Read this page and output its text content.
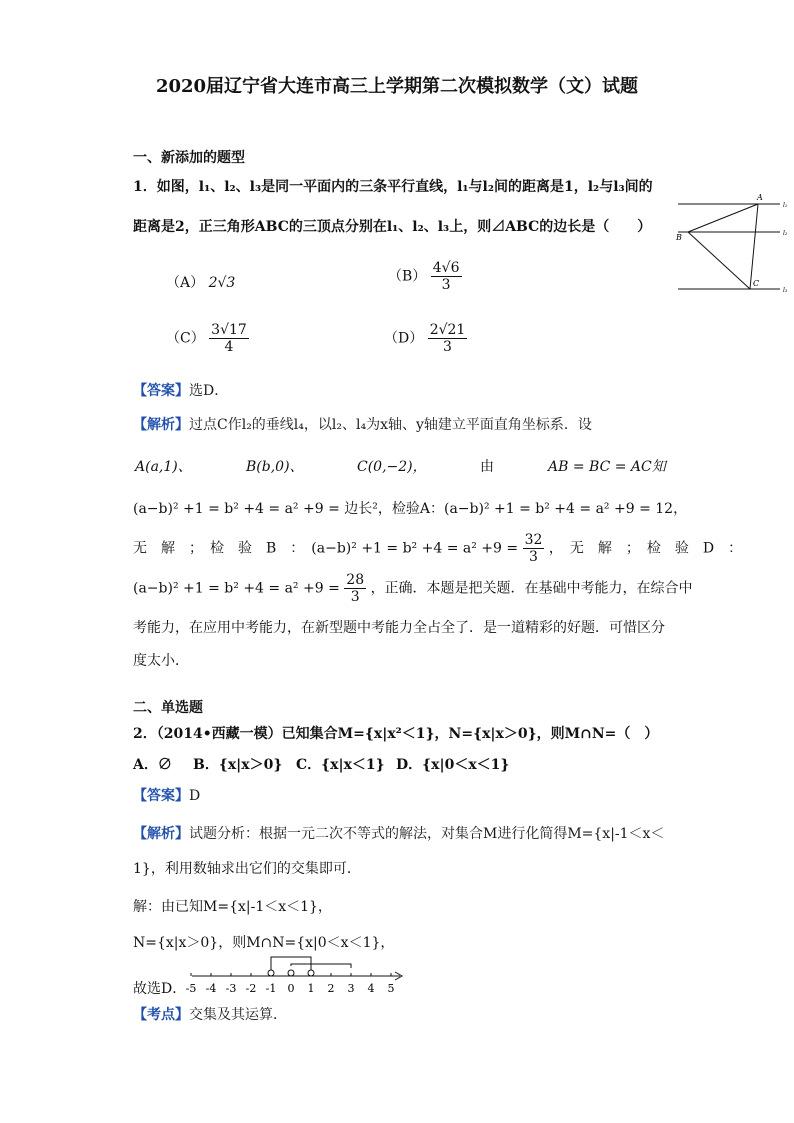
2020届辽宁省大连市高三上学期第二次模拟数学（文）试题
一、新添加的题型
1．如图，l₁、l₂、l₃是同一平面内的三条平行直线，l₁与l₂间的距离是1，l₂与l₃间的
距离是2，正三角形ABC的三顶点分别在l₁、l₂、l₃上，则⊿ABC的边长是（　　）
A
B
C
l₁
l₂
l₃
（A） 2√3	$(B) \frac{4√6}{3}$
$(C) \frac{3√17}{4}$	$(D) \frac{2√21}{3}$
【答案】选D．
【解析】过点C作l₂的垂线l₄，以l₂、l₄为x轴、y轴建立平面直角坐标系．设
A(a,1)、	B(b,0)、	C(0,−2)，	由	AB = BC = AC知
(a−b)² +1 = b² +4 = a² +9 = 边长²，检验A：(a−b)² +1 = b² +4 = a² +9 = 12，
无　解　；　检　验　B　：　$(a-b)^2 +1 = b^2 +4 = a^2 +9 = \frac{32}{3}$ ，　无　解　；　检　验　D　：
$(a-b)^2 +1 = b^2 +4 = a^2 +9 = \frac{28}{3}$ ，正确．本题是把关题．在基础中考能力，在综合中
考能力，在应用中考能力，在新型题中考能力全占全了．是一道精彩的好题．可惜区分
度太小．
二、单选题
2．（2014•西藏一模）已知集合M={x|x²＜1}，N={x|x＞0}，则M∩N=（　）
A．∅ B．{x|x＞0} C．{x|x＜1} D．{x|0＜x＜1}
【答案】D
【解析】试题分析：根据一元二次不等式的解法，对集合M进行化简得M={x|-1＜x＜
1}，利用数轴求出它们的交集即可．
解：由已知M={x|-1＜x＜1}，
N={x|x＞0}，则M∩N={x|0＜x＜1}，
故选D． -5 -4 -3 -2 -1 0 1 2 3 4 5
【考点】交集及其运算．
